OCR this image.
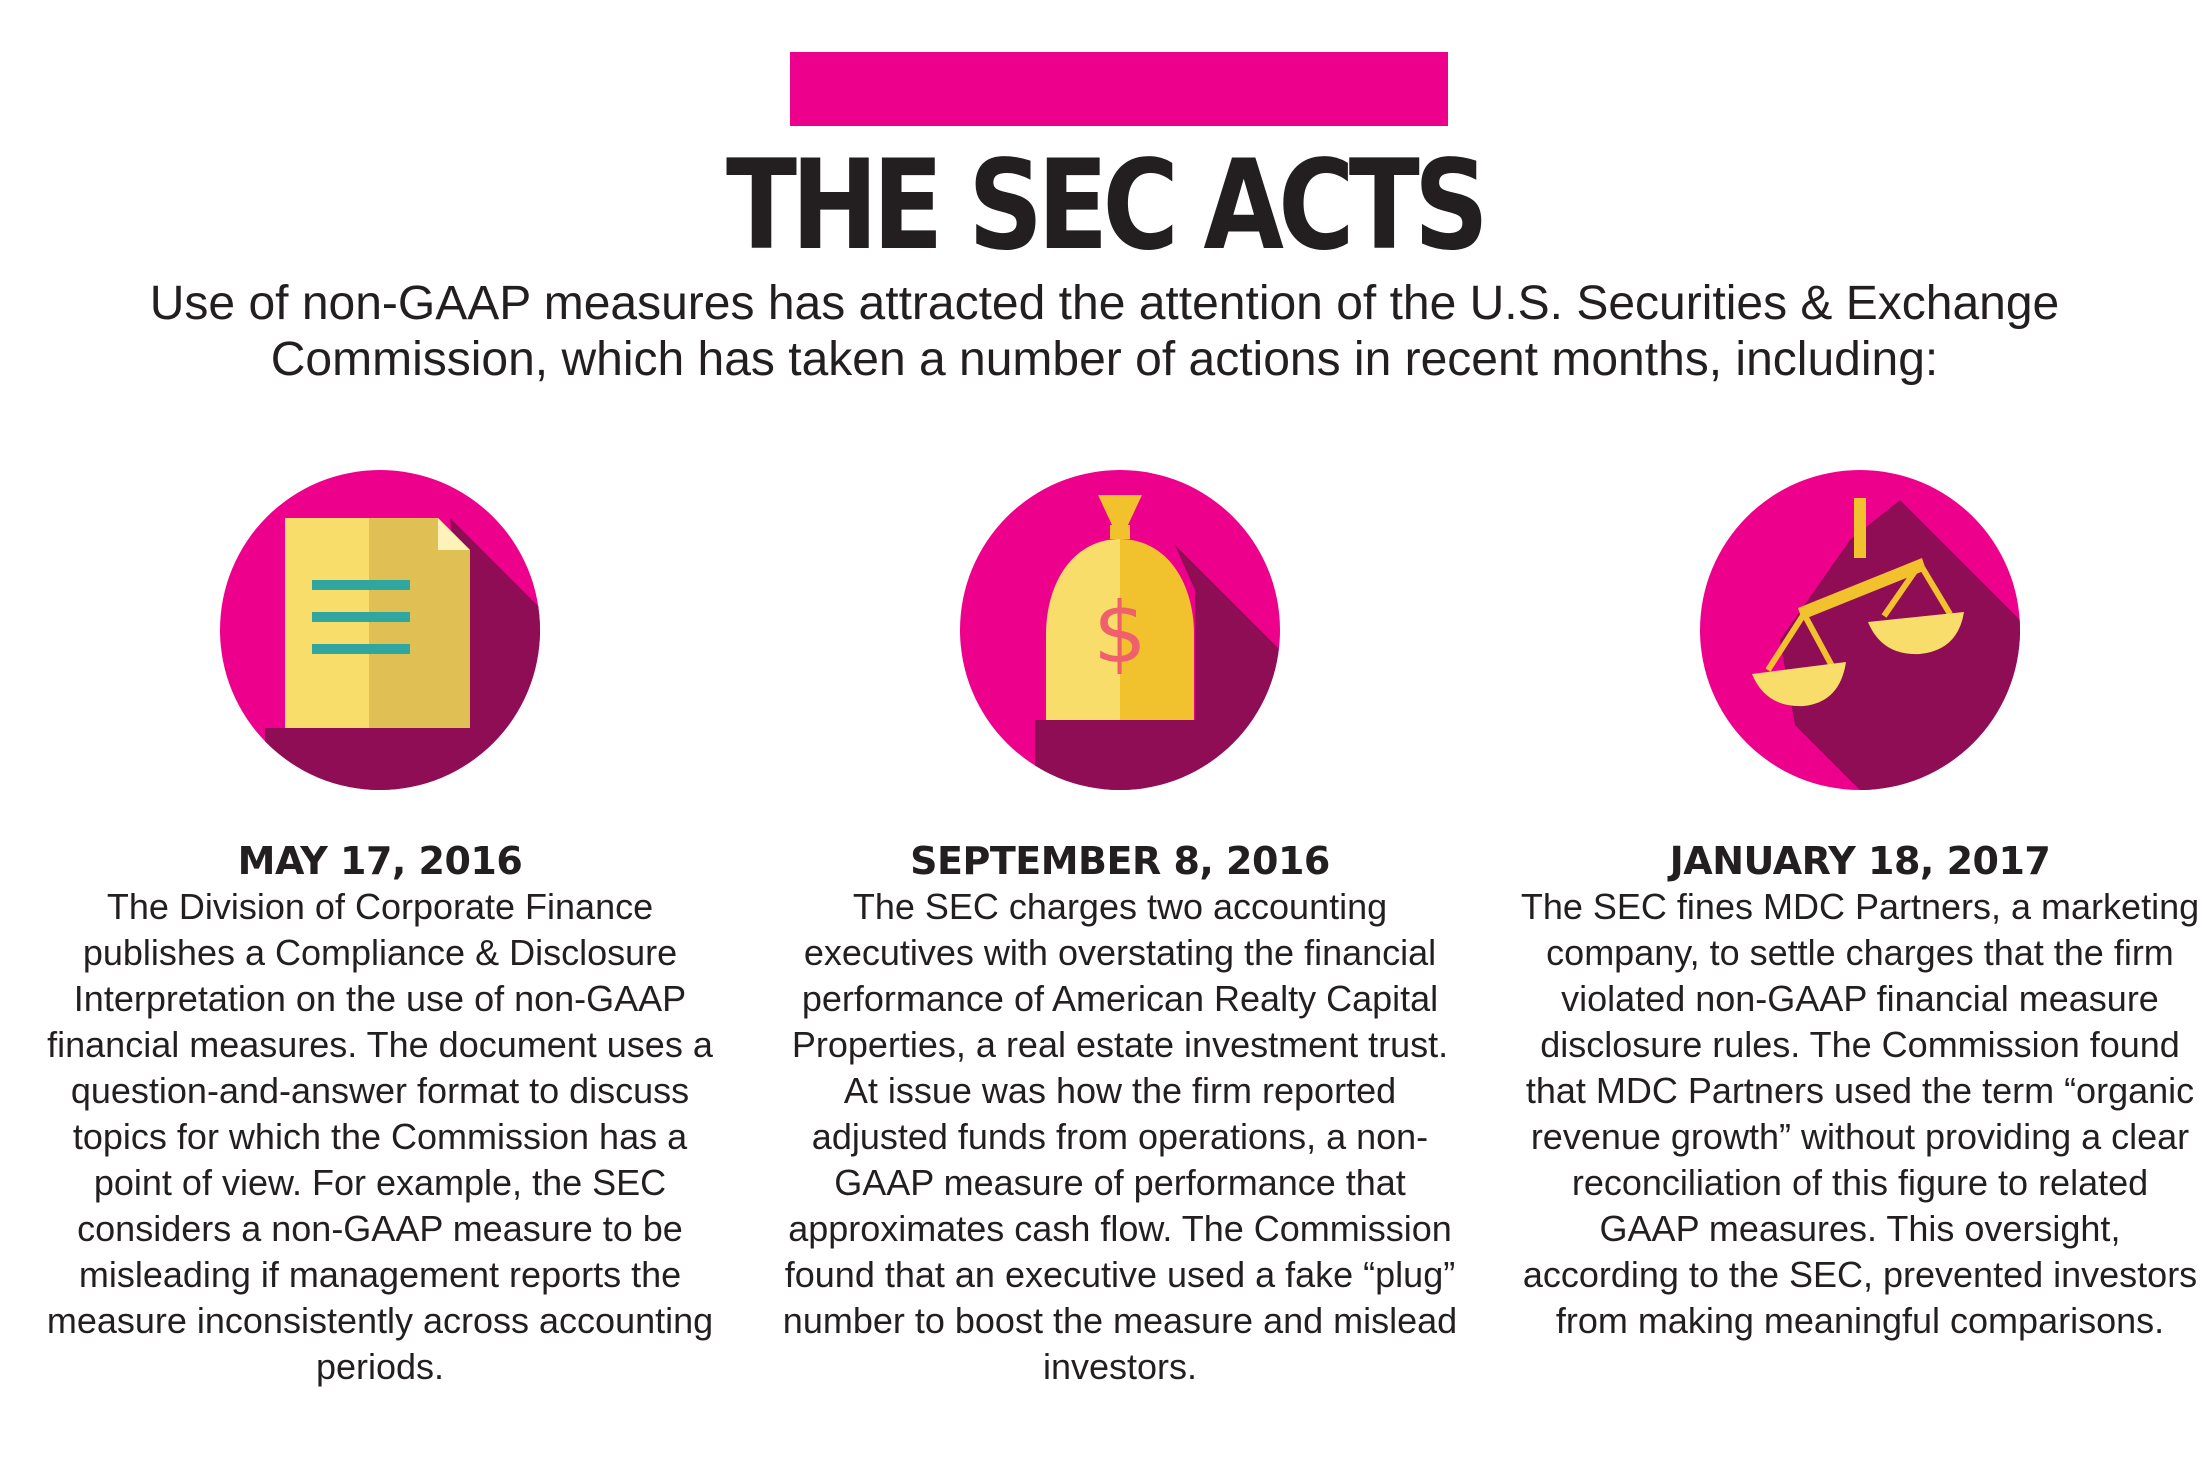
THE SEC ACTS

Use of non-GAAP measures has attracted the attention of the U.S. Securities & Exchange Commission, which has taken a number of actions in recent months, including:

MAY 17, 2016

The Division of Corporate Finance publishes a Compliance & Disclosure Interpretation on the use of non-GAAP financial measures. The document uses a question-and-answer format to discuss topics for which the Commission has a point of view. For example, the SEC considers a non-GAAP measure to be misleading if management reports the measure inconsistently across accounting periods.

$

SEPTEMBER 8, 2016

The SEC charges two accounting executives with overstating the financial performance of American Realty Capital Properties, a real estate investment trust. At issue was how the firm reported adjusted funds from operations, a non-GAAP measure of performance that approximates cash flow. The Commission found that an executive used a fake “plug” number to boost the measure and mislead investors.

JANUARY 18, 2017

The SEC fines MDC Partners, a marketing company, to settle charges that the firm violated non-GAAP financial measure disclosure rules. The Commission found that MDC Partners used the term “organic revenue growth” without providing a clear reconciliation of this figure to related GAAP measures. This oversight, according to the SEC, prevented investors from making meaningful comparisons.
